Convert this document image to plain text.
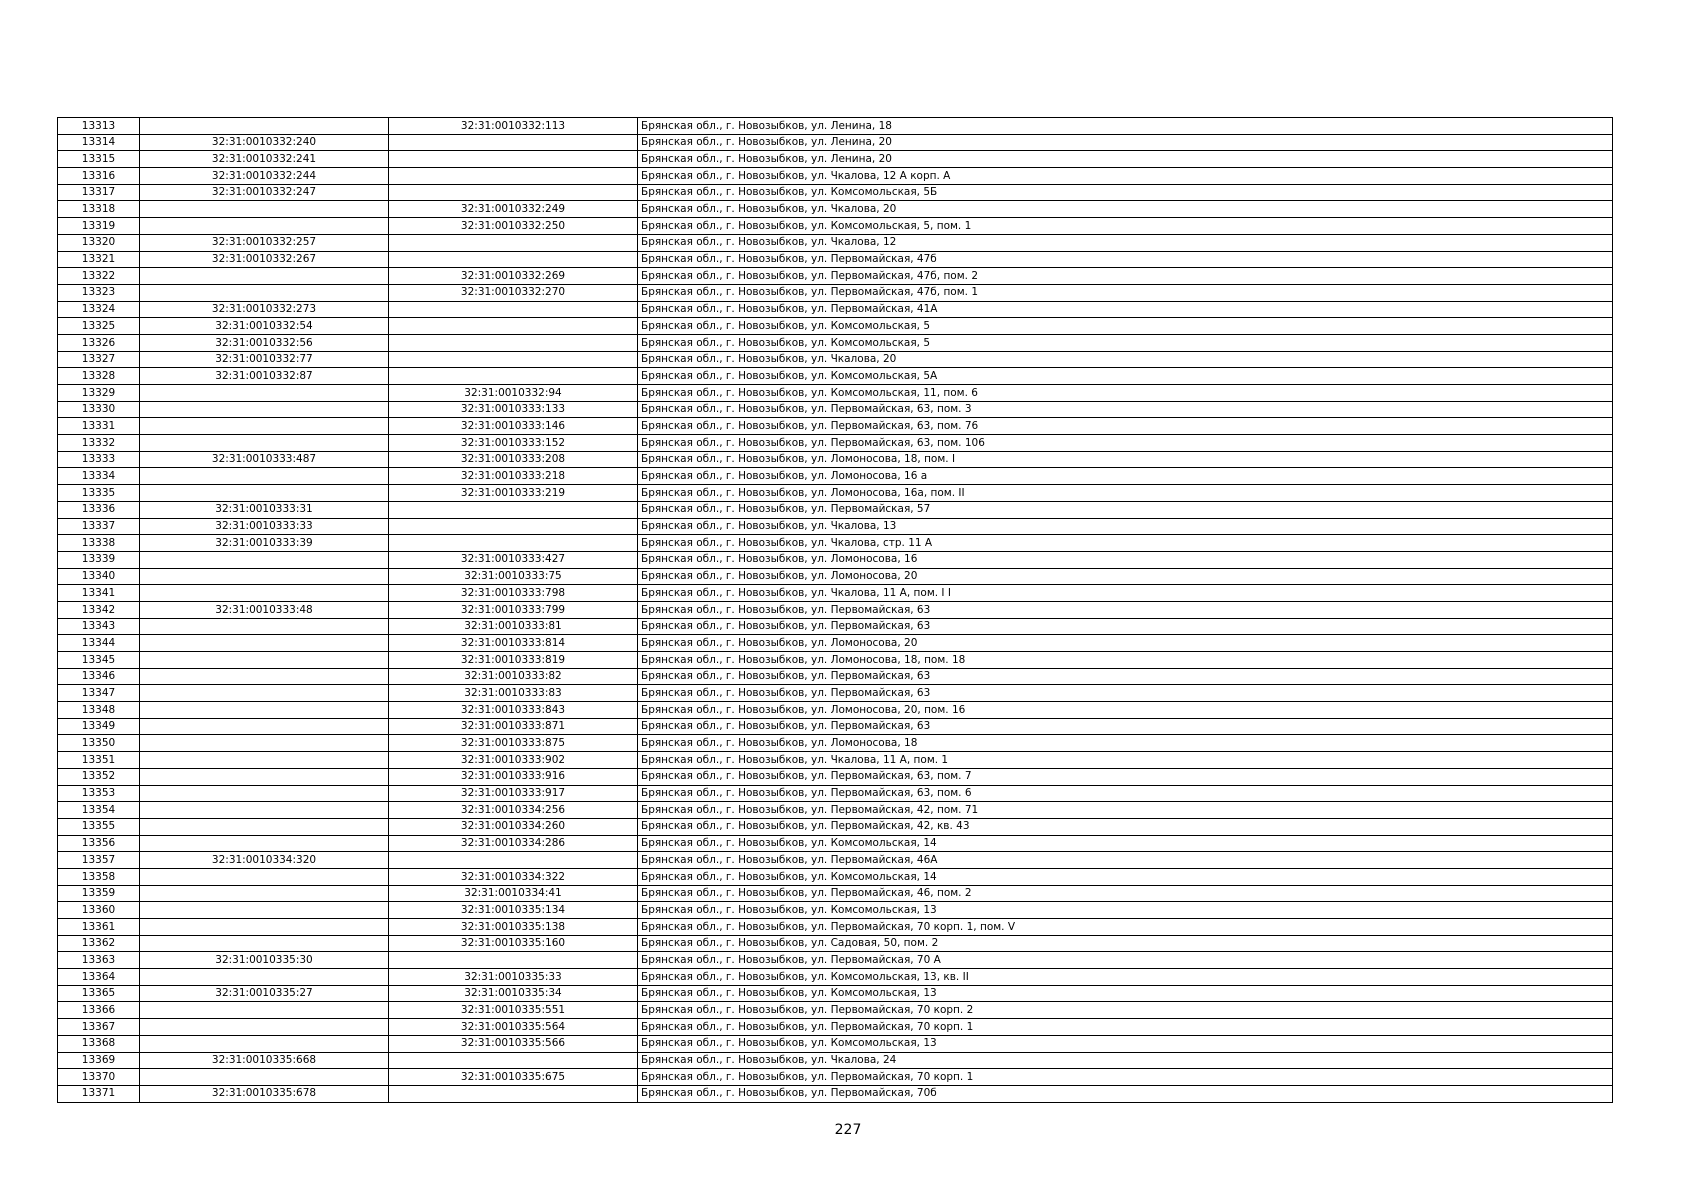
13313		32:31:0010332:113	Брянская обл., г. Новозыбков, ул. Ленина, 18
13314	32:31:0010332:240		Брянская обл., г. Новозыбков, ул. Ленина, 20
13315	32:31:0010332:241		Брянская обл., г. Новозыбков, ул. Ленина, 20
13316	32:31:0010332:244		Брянская обл., г. Новозыбков, ул. Чкалова, 12 А корп. А
13317	32:31:0010332:247		Брянская обл., г. Новозыбков, ул. Комсомольская, 5Б
13318		32:31:0010332:249	Брянская обл., г. Новозыбков, ул. Чкалова, 20
13319		32:31:0010332:250	Брянская обл., г. Новозыбков, ул. Комсомольская, 5, пом. 1
13320	32:31:0010332:257		Брянская обл., г. Новозыбков, ул. Чкалова, 12
13321	32:31:0010332:267		Брянская обл., г. Новозыбков, ул. Первомайская, 47б
13322		32:31:0010332:269	Брянская обл., г. Новозыбков, ул. Первомайская, 47б, пом. 2
13323		32:31:0010332:270	Брянская обл., г. Новозыбков, ул. Первомайская, 47б, пом. 1
13324	32:31:0010332:273		Брянская обл., г. Новозыбков, ул. Первомайская, 41А
13325	32:31:0010332:54		Брянская обл., г. Новозыбков, ул. Комсомольская, 5
13326	32:31:0010332:56		Брянская обл., г. Новозыбков, ул. Комсомольская, 5
13327	32:31:0010332:77		Брянская обл., г. Новозыбков, ул. Чкалова, 20
13328	32:31:0010332:87		Брянская обл., г. Новозыбков, ул. Комсомольская, 5А
13329		32:31:0010332:94	Брянская обл., г. Новозыбков, ул. Комсомольская, 11, пом. 6
13330		32:31:0010333:133	Брянская обл., г. Новозыбков, ул. Первомайская, 63, пом. 3
13331		32:31:0010333:146	Брянская обл., г. Новозыбков, ул. Первомайская, 63, пом. 76
13332		32:31:0010333:152	Брянская обл., г. Новозыбков, ул. Первомайская, 63, пом. 106
13333	32:31:0010333:487	32:31:0010333:208	Брянская обл., г. Новозыбков, ул. Ломоносова, 18, пом. I
13334		32:31:0010333:218	Брянская обл., г. Новозыбков, ул. Ломоносова, 16 а
13335		32:31:0010333:219	Брянская обл., г. Новозыбков, ул. Ломоносова, 16а, пом. II
13336	32:31:0010333:31		Брянская обл., г. Новозыбков, ул. Первомайская, 57
13337	32:31:0010333:33		Брянская обл., г. Новозыбков, ул. Чкалова, 13
13338	32:31:0010333:39		Брянская обл., г. Новозыбков, ул. Чкалова, стр. 11 А
13339		32:31:0010333:427	Брянская обл., г. Новозыбков, ул. Ломоносова, 16
13340		32:31:0010333:75	Брянская обл., г. Новозыбков, ул. Ломоносова, 20
13341		32:31:0010333:798	Брянская обл., г. Новозыбков, ул. Чкалова, 11 А, пом. I I
13342	32:31:0010333:48	32:31:0010333:799	Брянская обл., г. Новозыбков, ул. Первомайская, 63
13343		32:31:0010333:81	Брянская обл., г. Новозыбков, ул. Первомайская, 63
13344		32:31:0010333:814	Брянская обл., г. Новозыбков, ул. Ломоносова, 20
13345		32:31:0010333:819	Брянская обл., г. Новозыбков, ул. Ломоносова, 18, пом. 18
13346		32:31:0010333:82	Брянская обл., г. Новозыбков, ул. Первомайская, 63
13347		32:31:0010333:83	Брянская обл., г. Новозыбков, ул. Первомайская, 63
13348		32:31:0010333:843	Брянская обл., г. Новозыбков, ул. Ломоносова, 20, пом. 16
13349		32:31:0010333:871	Брянская обл., г. Новозыбков, ул. Первомайская, 63
13350		32:31:0010333:875	Брянская обл., г. Новозыбков, ул. Ломоносова, 18
13351		32:31:0010333:902	Брянская обл., г. Новозыбков, ул. Чкалова, 11 А, пом. 1
13352		32:31:0010333:916	Брянская обл., г. Новозыбков, ул. Первомайская, 63, пом. 7
13353		32:31:0010333:917	Брянская обл., г. Новозыбков, ул. Первомайская, 63, пом. 6
13354		32:31:0010334:256	Брянская обл., г. Новозыбков, ул. Первомайская, 42, пом. 71
13355		32:31:0010334:260	Брянская обл., г. Новозыбков, ул. Первомайская, 42, кв. 43
13356		32:31:0010334:286	Брянская обл., г. Новозыбков, ул. Комсомольская, 14
13357	32:31:0010334:320		Брянская обл., г. Новозыбков, ул. Первомайская, 46А
13358		32:31:0010334:322	Брянская обл., г. Новозыбков, ул. Комсомольская, 14
13359		32:31:0010334:41	Брянская обл., г. Новозыбков, ул. Первомайская, 46, пом. 2
13360		32:31:0010335:134	Брянская обл., г. Новозыбков, ул. Комсомольская, 13
13361		32:31:0010335:138	Брянская обл., г. Новозыбков, ул. Первомайская, 70 корп. 1, пом. V
13362		32:31:0010335:160	Брянская обл., г. Новозыбков, ул. Садовая, 50, пом. 2
13363	32:31:0010335:30		Брянская обл., г. Новозыбков, ул. Первомайская, 70 А
13364		32:31:0010335:33	Брянская обл., г. Новозыбков, ул. Комсомольская, 13, кв. II
13365	32:31:0010335:27	32:31:0010335:34	Брянская обл., г. Новозыбков, ул. Комсомольская, 13
13366		32:31:0010335:551	Брянская обл., г. Новозыбков, ул. Первомайская, 70 корп. 2
13367		32:31:0010335:564	Брянская обл., г. Новозыбков, ул. Первомайская, 70 корп. 1
13368		32:31:0010335:566	Брянская обл., г. Новозыбков, ул. Комсомольская, 13
13369	32:31:0010335:668		Брянская обл., г. Новозыбков, ул. Чкалова, 24
13370		32:31:0010335:675	Брянская обл., г. Новозыбков, ул. Первомайская, 70 корп. 1
13371	32:31:0010335:678		Брянская обл., г. Новозыбков, ул. Первомайская, 70б
227
